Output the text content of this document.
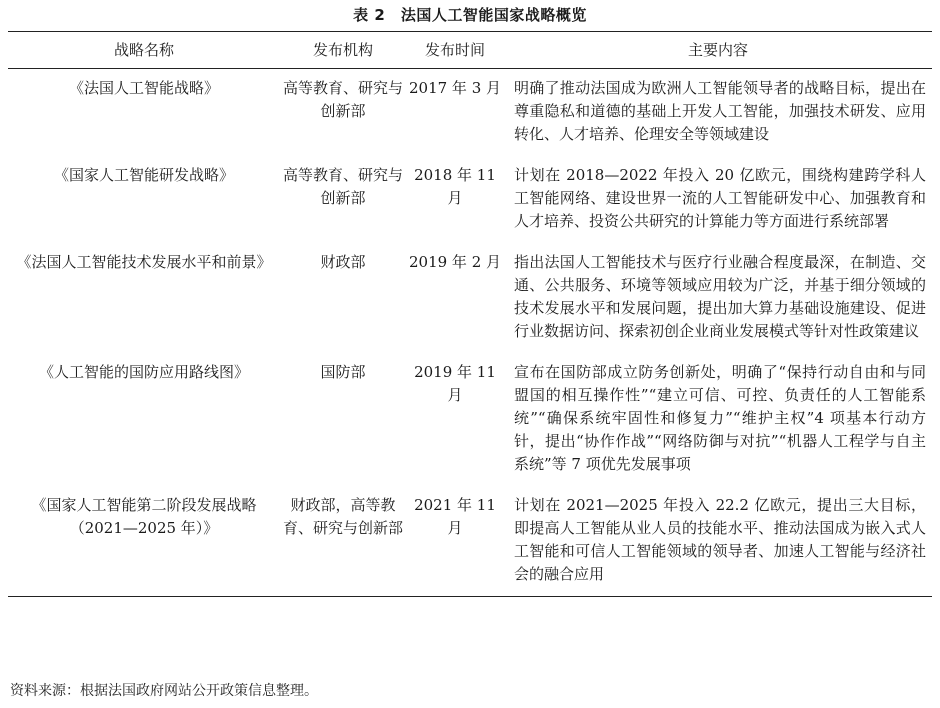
表 2　法国人工智能国家战略概览
战略名称	发布机构	发布时间	主要内容
《法国人工智能战略》	高等教育、研究与创新部	2017 年 3 月	明确了推动法国成为欧洲人工智能领导者的战略目标，提出在尊重隐私和道德的基础上开发人工智能，加强技术研发、应用转化、人才培养、伦理安全等领域建设
《国家人工智能研发战略》	高等教育、研究与创新部	2018 年 11 月	计划在 2018—2022 年投入 20 亿欧元，围绕构建跨学科人工智能网络、建设世界一流的人工智能研发中心、加强教育和人才培养、投资公共研究的计算能力等方面进行系统部署
《法国人工智能技术发展水平和前景》	财政部	2019 年 2 月	指出法国人工智能技术与医疗行业融合程度最深，在制造、交通、公共服务、环境等领域应用较为广泛，并基于细分领域的技术发展水平和发展问题，提出加大算力基础设施建设、促进行业数据访问、探索初创企业商业发展模式等针对性政策建议
《人工智能的国防应用路线图》	国防部	2019 年 11 月	宣布在国防部成立防务创新处，明确了“保持行动自由和与同盟国的相互操作性”“建立可信、可控、负责任的人工智能系统”“确保系统牢固性和修复力”“维护主权”4 项基本行动方针，提出“协作作战”“网络防御与对抗”“机器人工程学与自主系统”等 7 项优先发展事项
《国家人工智能第二阶段发展战略（2021—2025 年）》	财政部，高等教育、研究与创新部	2021 年 11 月	计划在 2021—2025 年投入 22.2 亿欧元，提出三大目标，即提高人工智能从业人员的技能水平、推动法国成为嵌入式人工智能和可信人工智能领域的领导者、加速人工智能与经济社会的融合应用
资料来源：根据法国政府网站公开政策信息整理。
